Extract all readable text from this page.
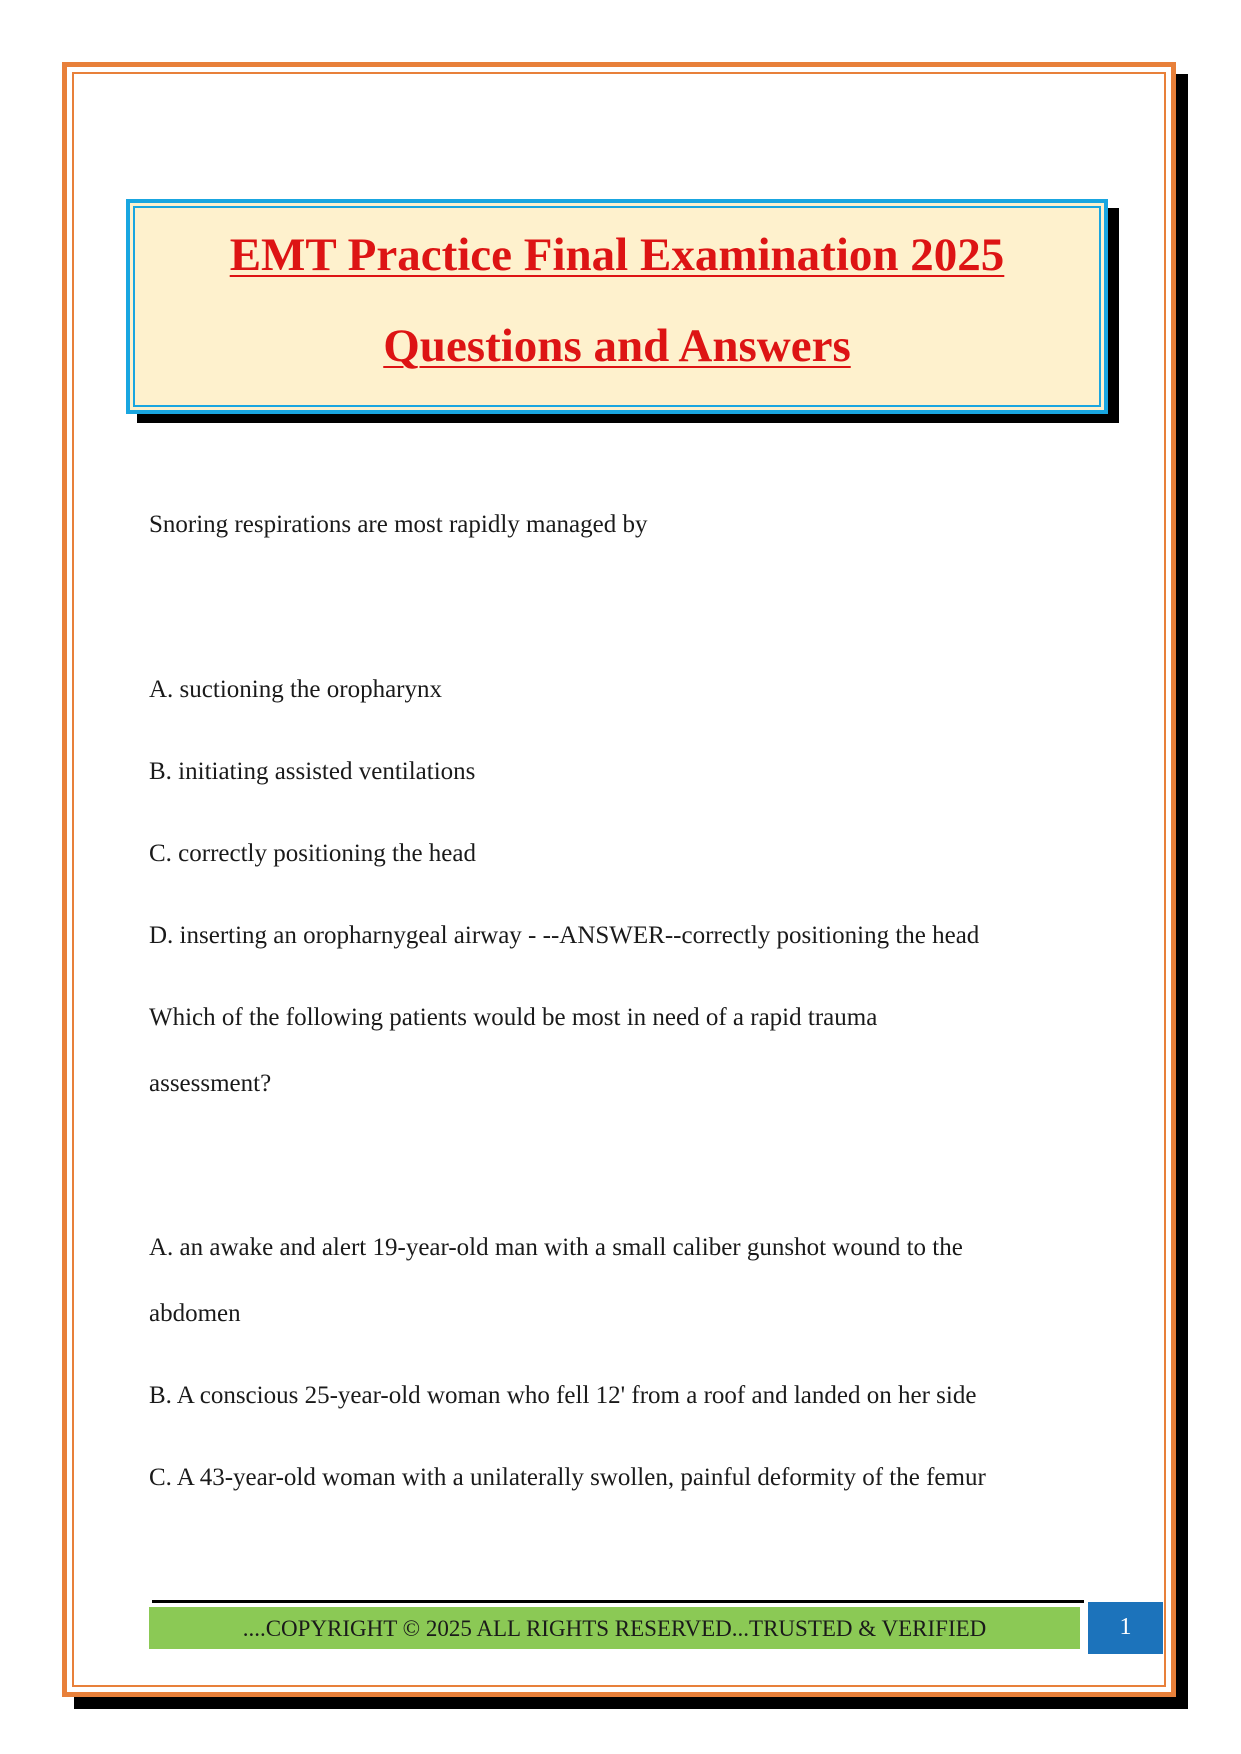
EMT Practice Final Examination 2025
Questions and Answers
Snoring respirations are most rapidly managed by
A. suctioning the oropharynx
B. initiating assisted ventilations
C. correctly positioning the head
D. inserting an oropharnygeal airway - --ANSWER--correctly positioning the head
Which of the following patients would be most in need of a rapid trauma
assessment?
A. an awake and alert 19-year-old man with a small caliber gunshot wound to the
abdomen
B. A conscious 25-year-old woman who fell 12' from a roof and landed on her side
C. A 43-year-old woman with a unilaterally swollen, painful deformity of the femur
....COPYRIGHT © 2025 ALL RIGHTS RESERVED...TRUSTED & VERIFIED	1
